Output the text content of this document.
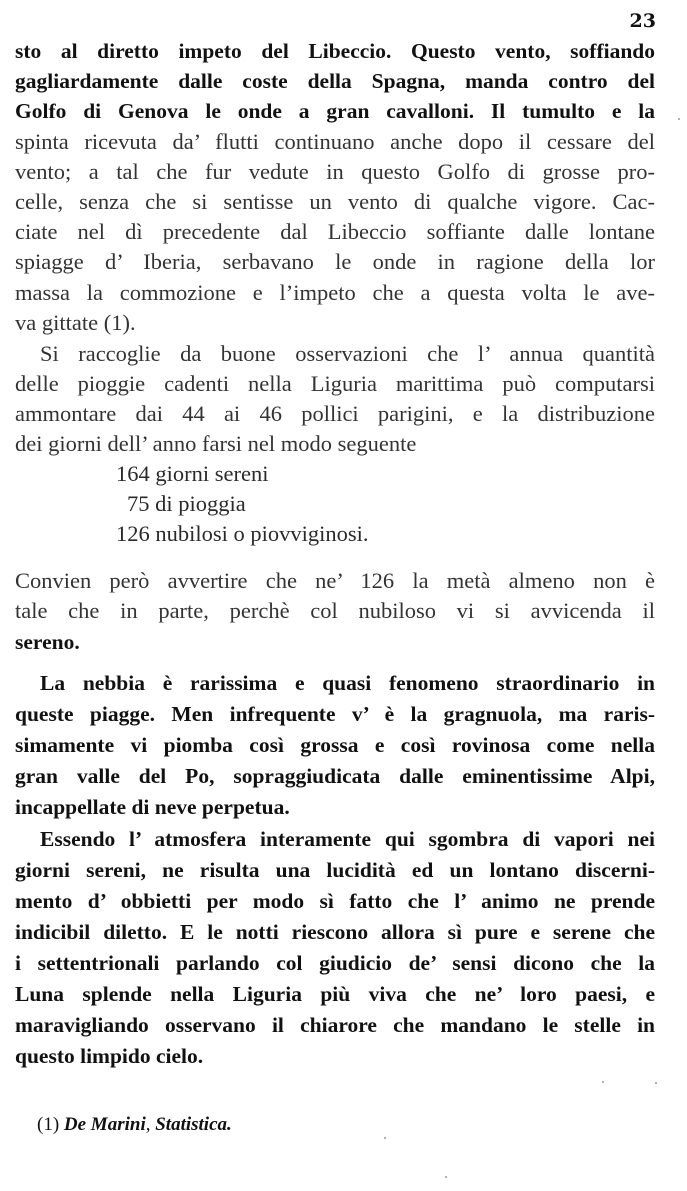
23
sto al diretto impeto del Libeccio. Questo vento, soffiando
gagliardamente dalle coste della Spagna, manda contro del
Golfo di Genova le onde a gran cavalloni. Il tumulto e la
spinta ricevuta da’ flutti continuano anche dopo il cessare del
vento; a tal che fur vedute in questo Golfo di grosse pro-
celle, senza che si sentisse un vento di qualche vigore. Cac-
ciate nel dì precedente dal Libeccio soffiante dalle lontane
spiagge d’ Iberia, serbavano le onde in ragione della lor
massa la commozione e l’impeto che a questa volta le ave-
va gittate (1).
Si raccoglie da buone osservazioni che l’ annua quantità
delle pioggie cadenti nella Liguria marittima può computarsi
ammontare dai 44 ai 46 pollici parigini, e la distribuzione
dei giorni dell’ anno farsi nel modo seguente
164 giorni sereni
75 di pioggia
126 nubilosi o piovviginosi.
Convien però avvertire che ne’ 126 la metà almeno non è
tale che in parte, perchè col nubiloso vi si avvicenda il
sereno.
La nebbia è rarissima e quasi fenomeno straordinario in
queste piagge. Men infrequente v’ è la gragnuola, ma raris-
simamente vi piomba così grossa e così rovinosa come nella
gran valle del Po, sopraggiudicata dalle eminentissime Alpi,
incappellate di neve perpetua.
Essendo l’ atmosfera interamente qui sgombra di vapori nei
giorni sereni, ne risulta una lucidità ed un lontano discerni-
mento d’ obbietti per modo sì fatto che l’ animo ne prende
indicibil diletto. E le notti riescono allora sì pure e serene che
i settentrionali parlando col giudicio de’ sensi dicono che la
Luna splende nella Liguria più viva che ne’ loro paesi, e
maravigliando osservano il chiarore che mandano le stelle in
questo limpido cielo.
(1) De Marini, Statistica.
